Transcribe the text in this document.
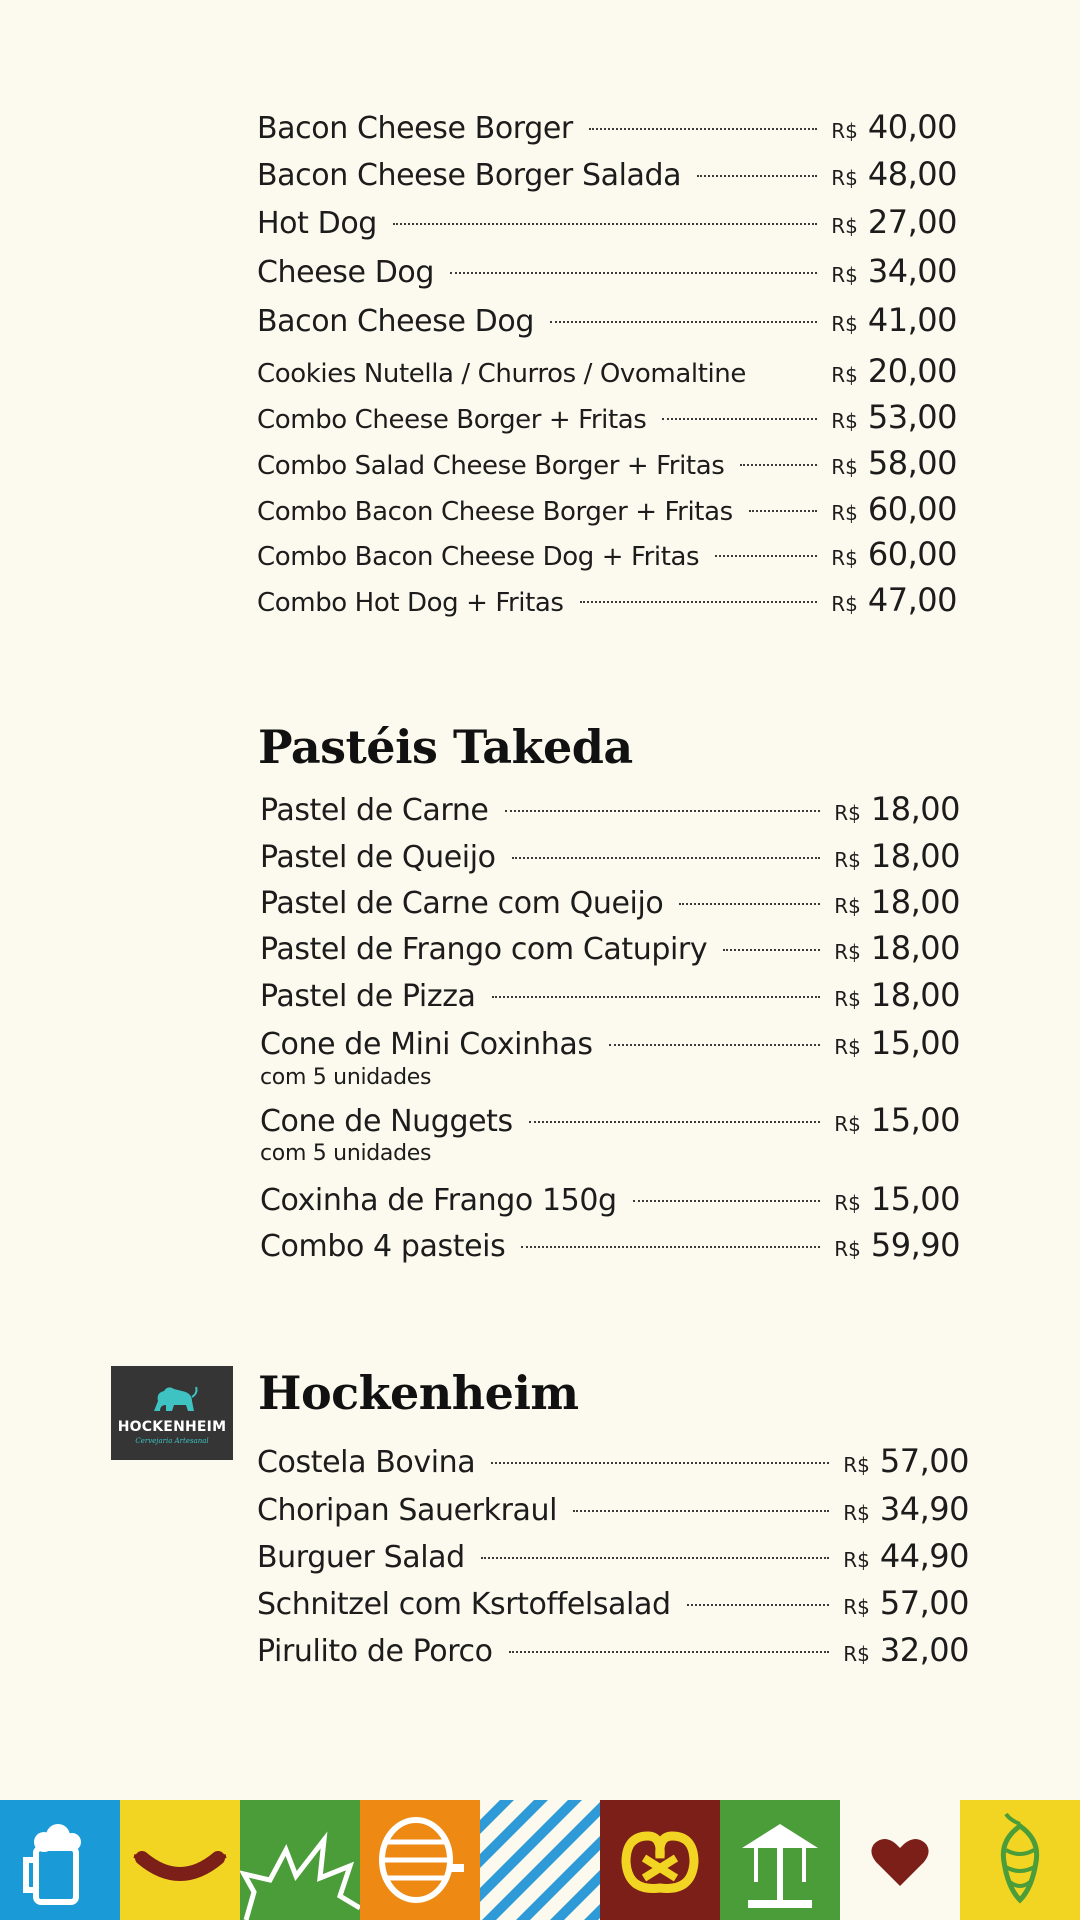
Bacon Cheese Borger	R$ 40,00
Bacon Cheese Borger Salada	R$ 48,00
Hot Dog	R$ 27,00
Cheese Dog	R$ 34,00
Bacon Cheese Dog	R$ 41,00
Cookies Nutella / Churros / Ovomaltine	R$ 20,00
Combo Cheese Borger + Fritas	R$ 53,00
Combo Salad Cheese Borger + Fritas	R$ 58,00
Combo Bacon Cheese Borger + Fritas	R$ 60,00
Combo Bacon Cheese Dog + Fritas	R$ 60,00
Combo Hot Dog + Fritas	R$ 47,00
Pastéis Takeda
Pastel de Carne	R$ 18,00
Pastel de Queijo	R$ 18,00
Pastel de Carne com Queijo	R$ 18,00
Pastel de Frango com Catupiry	R$ 18,00
Pastel de Pizza	R$ 18,00
Cone de Mini Coxinhas	R$ 15,00
com 5 unidades
Cone de Nuggets	R$ 15,00
com 5 unidades
Coxinha de Frango 150g	R$ 15,00
Combo 4 pasteis	R$ 59,90
HOCKENHEIM
Cervejaria Artesanal
Hockenheim
Costela Bovina	R$ 57,00
Choripan Sauerkraul	R$ 34,90
Burguer Salad	R$ 44,90
Schnitzel com Ksrtoffelsalad	R$ 57,00
Pirulito de Porco	R$ 32,00
